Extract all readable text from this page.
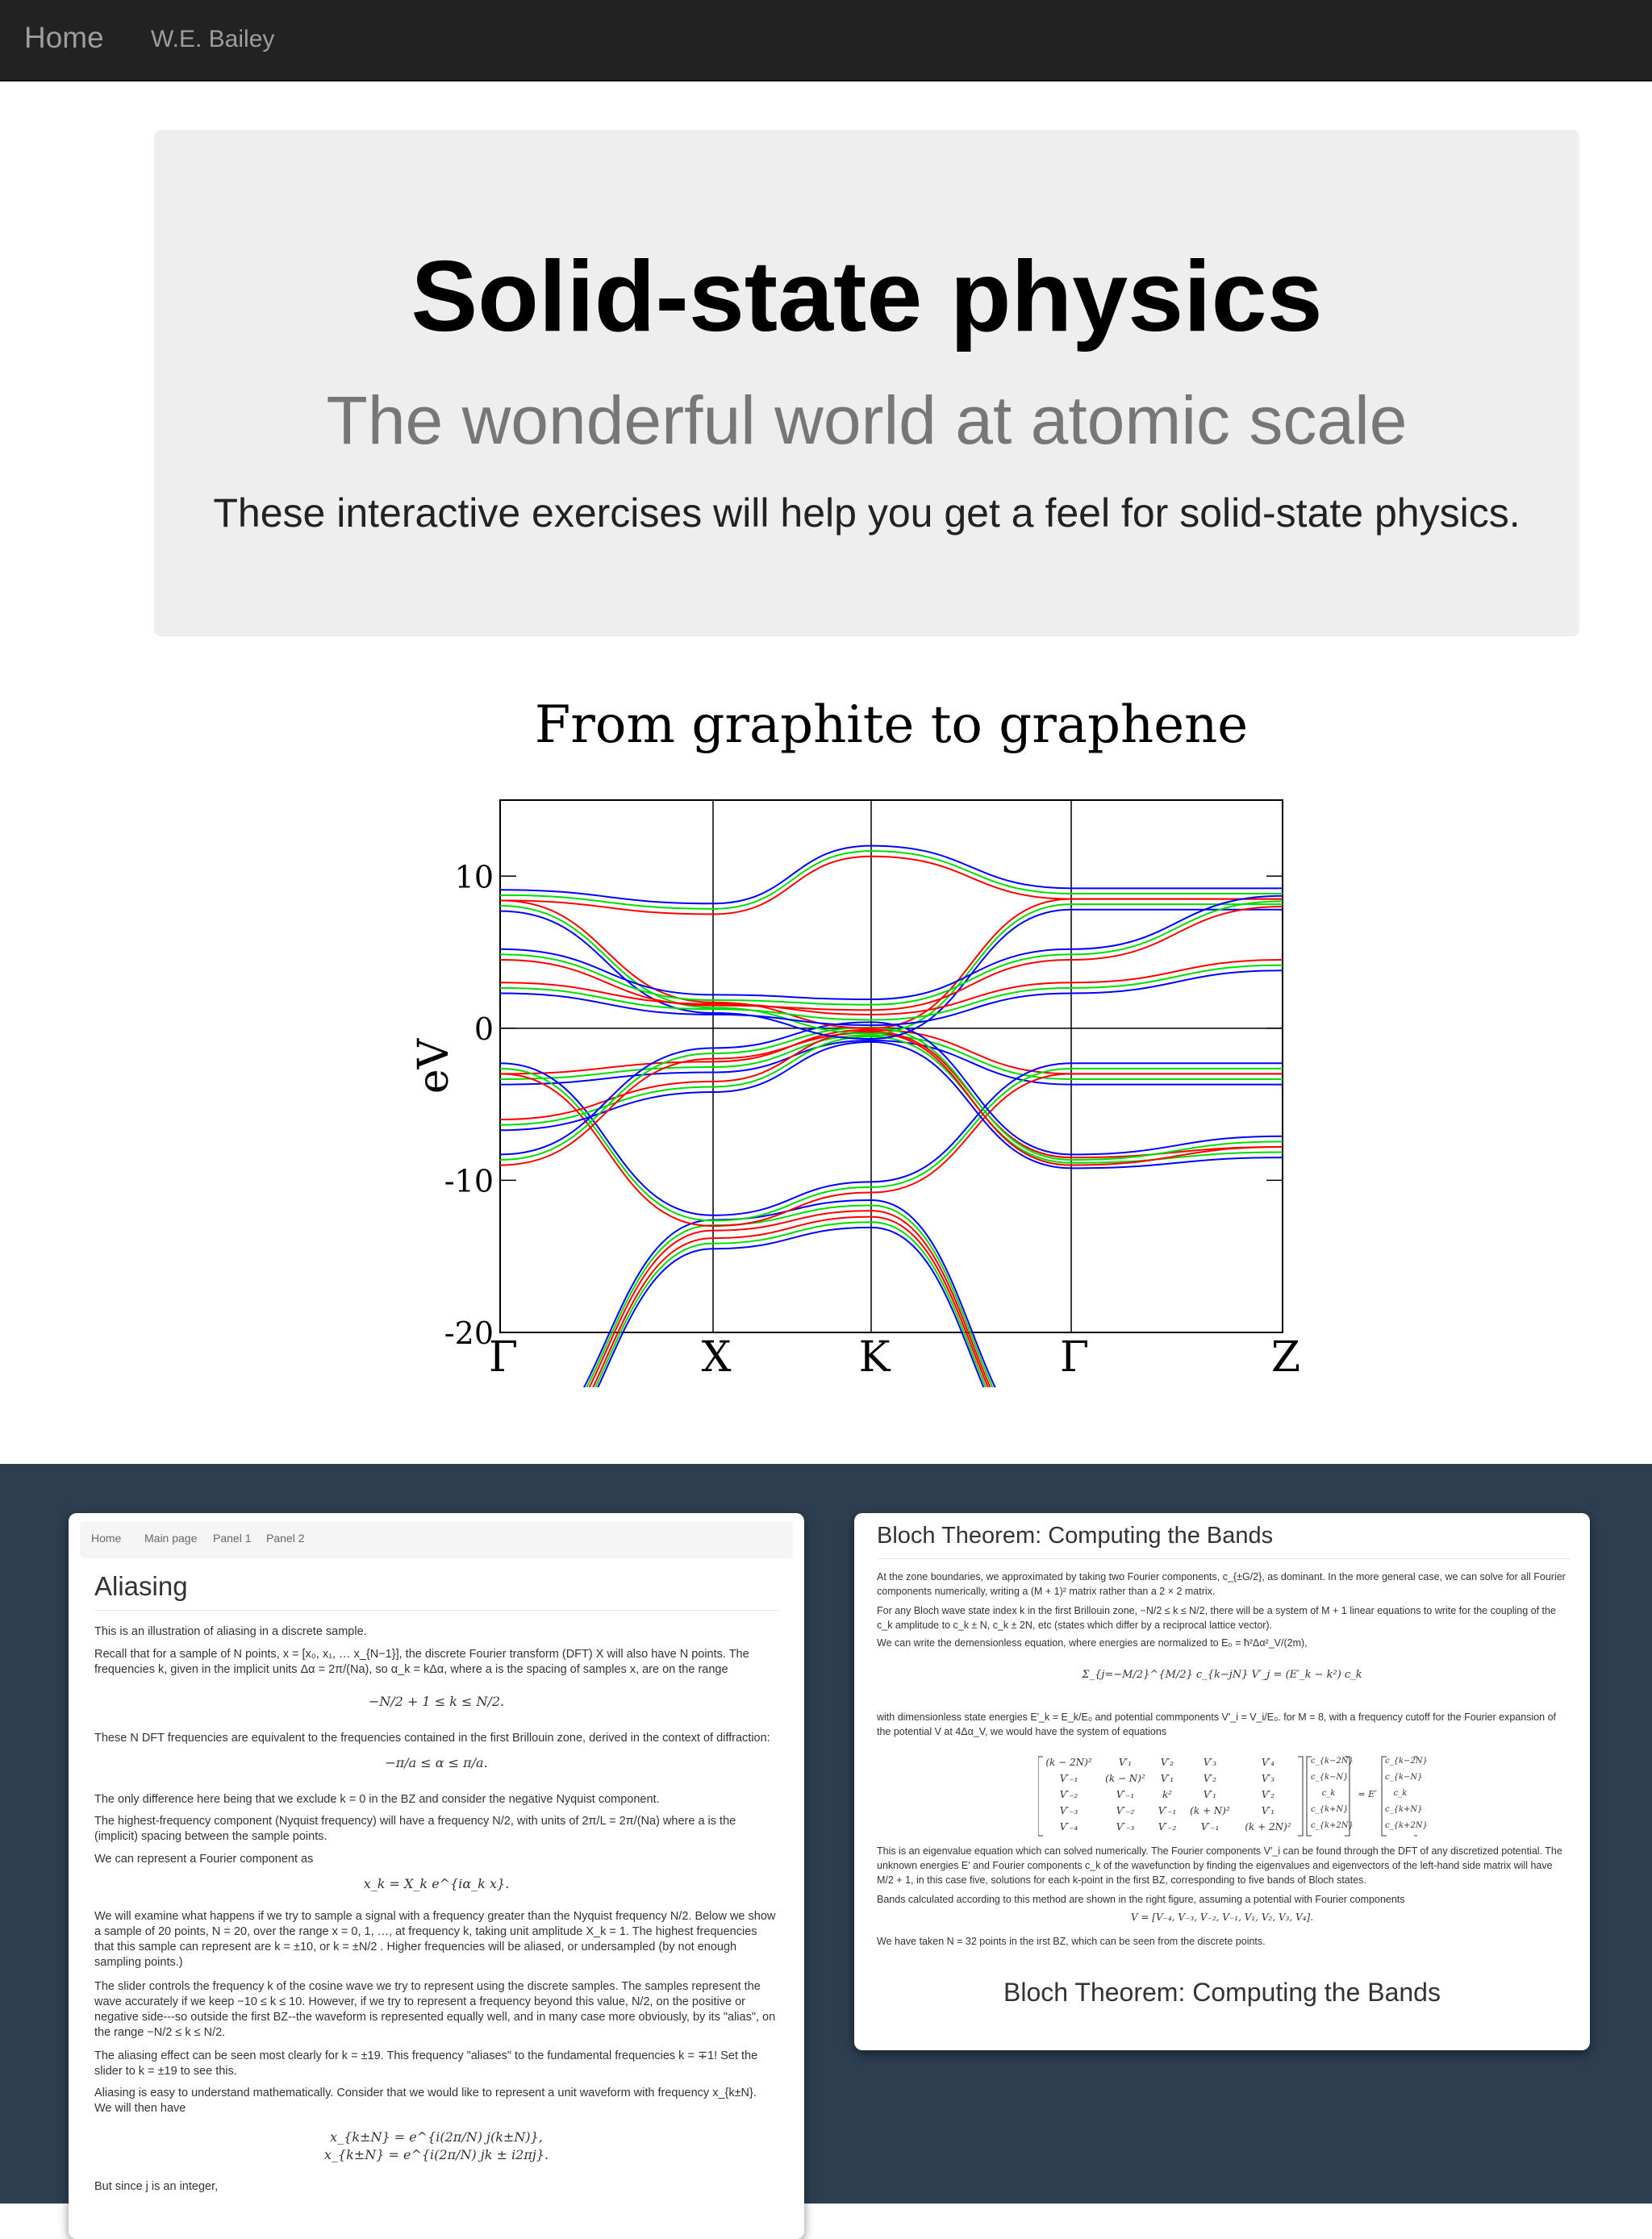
Home W.E. Bailey
Solid-state physics

The wonderful world at atomic scale

These interactive exercises will help you get a feel for solid-state physics.

From graphite to graphene
10
0
-10
-20
eV
Γ	X	K	Γ	Z
Home Main page Panel 1 Panel 2
Aliasing

This is an illustration of aliasing in a discrete sample.

Recall that for a sample of N points, x = [x₀, x₁, … x_{N−1}], the discrete Fourier transform (DFT) X will also have N points. The frequencies k, given in the implicit units Δα = 2π/(Na), so α_k = kΔα, where a is the spacing of samples x, are on the range

−N/2 + 1 ≤ k ≤ N/2.

These N DFT frequencies are equivalent to the frequencies contained in the first Brillouin zone, derived in the context of diffraction:

−π/a ≤ α ≤ π/a.

The only difference here being that we exclude k = 0 in the BZ and consider the negative Nyquist component.

The highest-frequency component (Nyquist frequency) will have a frequency N/2, with units of 2π/L = 2π/(Na) where a is the (implicit) spacing between the sample points.

We can represent a Fourier component as

x_k = X_k e^{iα_k x}.

We will examine what happens if we try to sample a signal with a frequency greater than the Nyquist frequency N/2. Below we show a sample of 20 points, N = 20, over the range x = 0, 1, …, at frequency k, taking unit amplitude X_k = 1. The highest frequencies that this sample can represent are k = ±10, or k = ±N/2 . Higher frequencies will be aliased, or undersampled (by not enough sampling points.)

The slider controls the frequency k of the cosine wave we try to represent using the discrete samples. The samples represent the wave accurately if we keep −10 ≤ k ≤ 10. However, if we try to represent a frequency beyond this value, N/2, on the positive or negative side---so outside the first BZ--the waveform is represented equally well, and in many case more obviously, by its "alias", on the range −N/2 ≤ k ≤ N/2.

The aliasing effect can be seen most clearly for k = ±19. This frequency "aliases" to the fundamental frequencies k = ∓1! Set the slider to k = ±19 to see this.

Aliasing is easy to understand mathematically. Consider that we would like to represent a unit waveform with frequency x_{k±N}. We will then have

x_{k±N} = e^{i(2π/N) j(k±N)},
x_{k±N} = e^{i(2π/N) jk ± i2πj}.

But since j is an integer,

Bloch Theorem: Computing the Bands

At the zone boundaries, we approximated by taking two Fourier components, c_{±G/2}, as dominant. In the more general case, we can solve for all Fourier components numerically, writing a (M + 1)² matrix rather than a 2 × 2 matrix.

For any Bloch wave state index k in the first Brillouin zone, −N/2 ≤ k ≤ N/2, there will be a system of M + 1 linear equations to write for the coupling of the c_k amplitude to c_k ± N, c_k ± 2N, etc (states which differ by a reciprocal lattice vector).

We can write the demensionless equation, where energies are normalized to E₀ = ħ²Δα²_V/(2m),

Σ_{j=−M/2}^{M/2} c_{k−jN} V′_j = (E′_k − k²) c_k

with dimensionless state energies E′_k = E_k/E₀ and potential commponents V′_i = V_i/E₀. for M = 8, with a frequency cutoff for the Fourier expansion of the potential V at 4Δα_V, we would have the system of equations

(k − 2N)²	V′₁	V′₂	V′₃	V′₄	c_{k−2N}	c_{k−2N}
V′₋₁	(k − N)²	V′₁	V′₂	V′₃	c_{k−N}	c_{k−N}
V′₋₂	V′₋₁	k²	V′₁	V′₂	c_k	= E′	c_k
V′₋₃	V′₋₂	V′₋₁	(k + N)²	V′₁	c_{k+N}	c_{k+N}
V′₋₄	V′₋₃	V′₋₂	V′₋₁	(k + 2N)²	c_{k+2N}	c_{k+2N}

This is an eigenvalue equation which can solved numerically. The Fourier components V′_i can be found through the DFT of any discretized potential. The unknown energies E′ and Fourier components c_k of the wavefunction by finding the eigenvalues and eigenvectors of the left-hand side matrix will have M/2 + 1, in this case five, solutions for each k-point in the first BZ, corresponding to five bands of Bloch states.

Bands calculated according to this method are shown in the right figure, assuming a potential with Fourier components

V = [V₋₄, V₋₃, V₋₂, V₋₁, V₁, V₂, V₃, V₄].

We have taken N = 32 points in the irst BZ, which can be seen from the discrete points.

Bloch Theorem: Computing the Bands
